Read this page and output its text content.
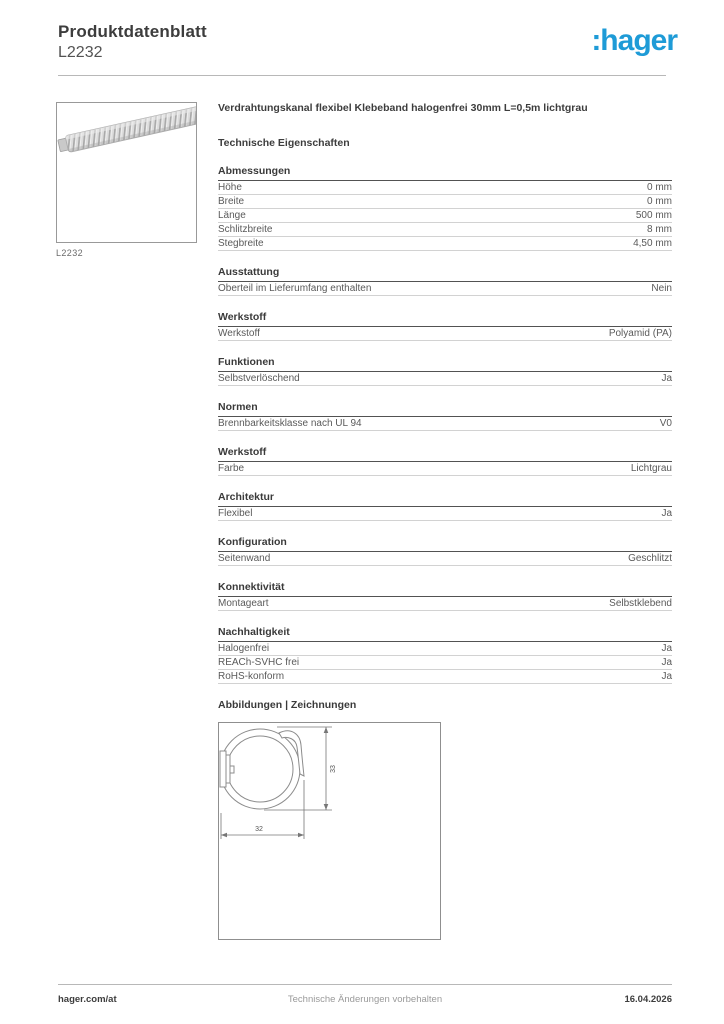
Produktdatenblatt
L2232	:hager
L2232
Verdrahtungskanal flexibel Klebeband halogenfrei 30mm L=0,5m lichtgrau
Technische Eigenschaften
Abmessungen
Höhe	0 mm
Breite	0 mm
Länge	500 mm
Schlitzbreite	8 mm
Stegbreite	4,50 mm
Ausstattung
Oberteil im Lieferumfang enthalten	Nein
Werkstoff
Werkstoff	Polyamid (PA)
Funktionen
Selbstverlöschend	Ja
Normen
Brennbarkeitsklasse nach UL 94	V0
Werkstoff
Farbe	Lichtgrau
Architektur
Flexibel	Ja
Konfiguration
Seitenwand	Geschlitzt
Konnektivität
Montageart	Selbstklebend
Nachhaltigkeit
Halogenfrei	Ja
REACh-SVHC frei	Ja
RoHS-konform	Ja
Abbildungen | Zeichnungen
33
32
Technische Änderungen vorbehalten
hager.com/at	16.04.2026
